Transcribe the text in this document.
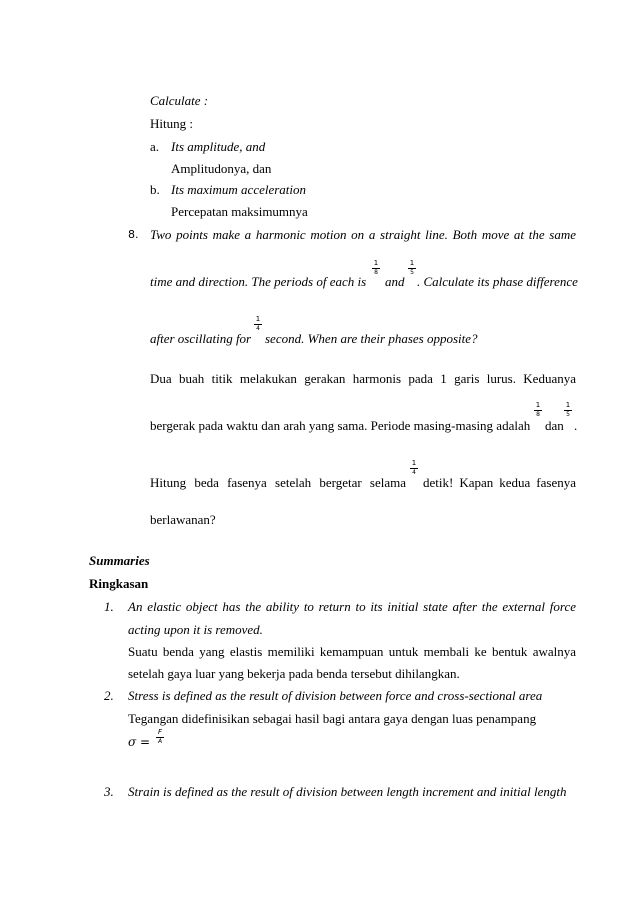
Calculate :
Hitung :
a. Its amplitude, and
Amplitudonya, dan
b. Its maximum acceleration
Percepatan maksimumnya
8. Two points make a harmonic motion on a straight line. Both move at the same
time and direction. The periods of each is
1
8
and
1
5
. Calculate its phase difference
after oscillating for
1
4
second. When are their phases opposite?
Dua buah titik melakukan gerakan harmonis pada 1 garis lurus. Keduanya
bergerak pada waktu dan arah yang sama. Periode masing-masing adalah
1
8
dan
1
5
.
Hitung beda fasenya setelah bergetar selama
1
4
detik! Kapan kedua fasenya
berlawanan?
Summaries
Ringkasan
1. An elastic object has the ability to return to its initial state after the external force
acting upon it is removed.
Suatu benda yang elastis memiliki kemampuan untuk membali ke bentuk awalnya
setelah gaya luar yang bekerja pada benda tersebut dihilangkan.
2. Stress is defined as the result of division between force and cross-sectional area
Tegangan didefinisikan sebagai hasil bagi antara gaya dengan luas penampang
σ =
F
A
3. Strain is defined as the result of division between length increment and initial length
